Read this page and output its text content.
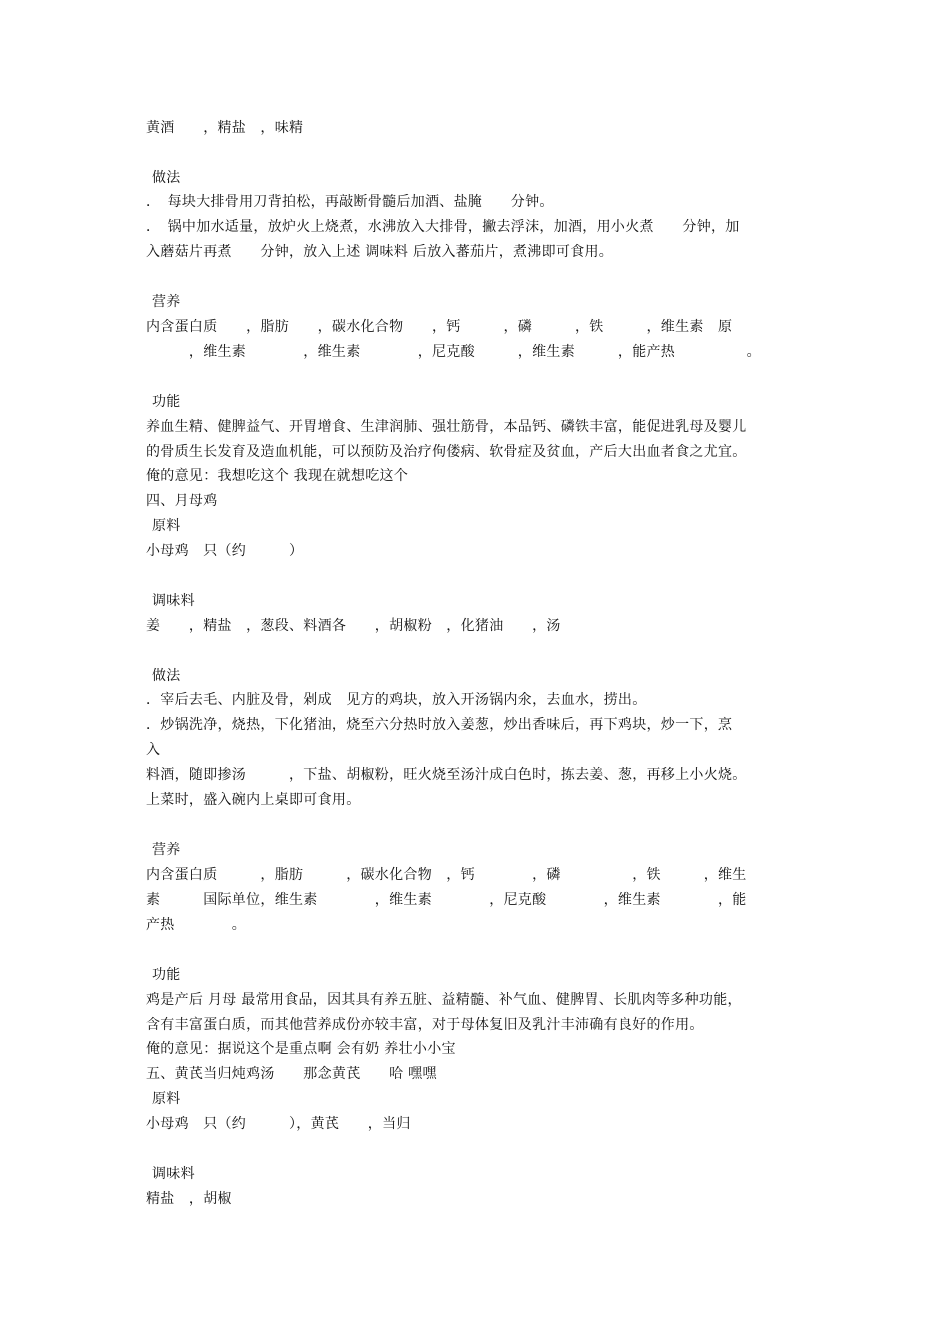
黄酒　　，精盐　，味精
做法
．　每块大排骨用刀背拍松，再敲断骨髓后加酒、盐腌　　分钟。
．　锅中加水适量，放炉火上烧煮，水沸放入大排骨，撇去浮沫，加酒，用小火煮　　分钟，加
入蘑菇片再煮　　分钟，放入上述 调味料 后放入蕃茄片，煮沸即可食用。
营养
内含蛋白质　　，脂肪　　，碳水化合物　　，钙　　　，磷　　　，铁　　　，维生素　原
　　　，维生素　　　　，维生素　　　　，尼克酸　　　，维生素　　　，能产热　　　　　。
功能
养血生精、健脾益气、开胃增食、生津润肺、强壮筋骨，本品钙、磷铁丰富，能促进乳母及婴儿
的骨质生长发育及造血机能，可以预防及治疗佝偻病、软骨症及贫血，产后大出血者食之尤宜。
俺的意见：我想吃这个 我现在就想吃这个
四、月母鸡
原料
小母鸡　只（约　　　）
调味料
姜　　，精盐　，葱段、料酒各　　，胡椒粉　，化猪油　　，汤
做法
．宰后去毛、内脏及骨，剁成　见方的鸡块，放入开汤锅内氽，去血水，捞出。
．炒锅洗净，烧热，下化猪油，烧至六分热时放入姜葱，炒出香味后，再下鸡块，炒一下，烹
入
料酒，随即掺汤　　　，下盐、胡椒粉，旺火烧至汤汁成白色时，拣去姜、葱，再移上小火烧。
上菜时，盛入碗内上桌即可食用。
营养
内含蛋白质　　　，脂肪　　　，碳水化合物　，钙　　　　，磷　　　　　，铁　　　，维生
素　　　国际单位，维生素　　　　，维生素　　　　，尼克酸　　　　，维生素　　　　，能
产热　　　　。
功能
鸡是产后 月母 最常用食品，因其具有养五脏、益精髓、补气血、健脾胃、长肌肉等多种功能，
含有丰富蛋白质，而其他营养成份亦较丰富，对于母体复旧及乳汁丰沛确有良好的作用。
俺的意见：据说这个是重点啊 会有奶 养壮小小宝
五、黄芪当归炖鸡汤　　那念黄芪　　哈 嘿嘿
原料
小母鸡　只（约　　　），黄芪　　，当归
调味料
精盐　，胡椒
